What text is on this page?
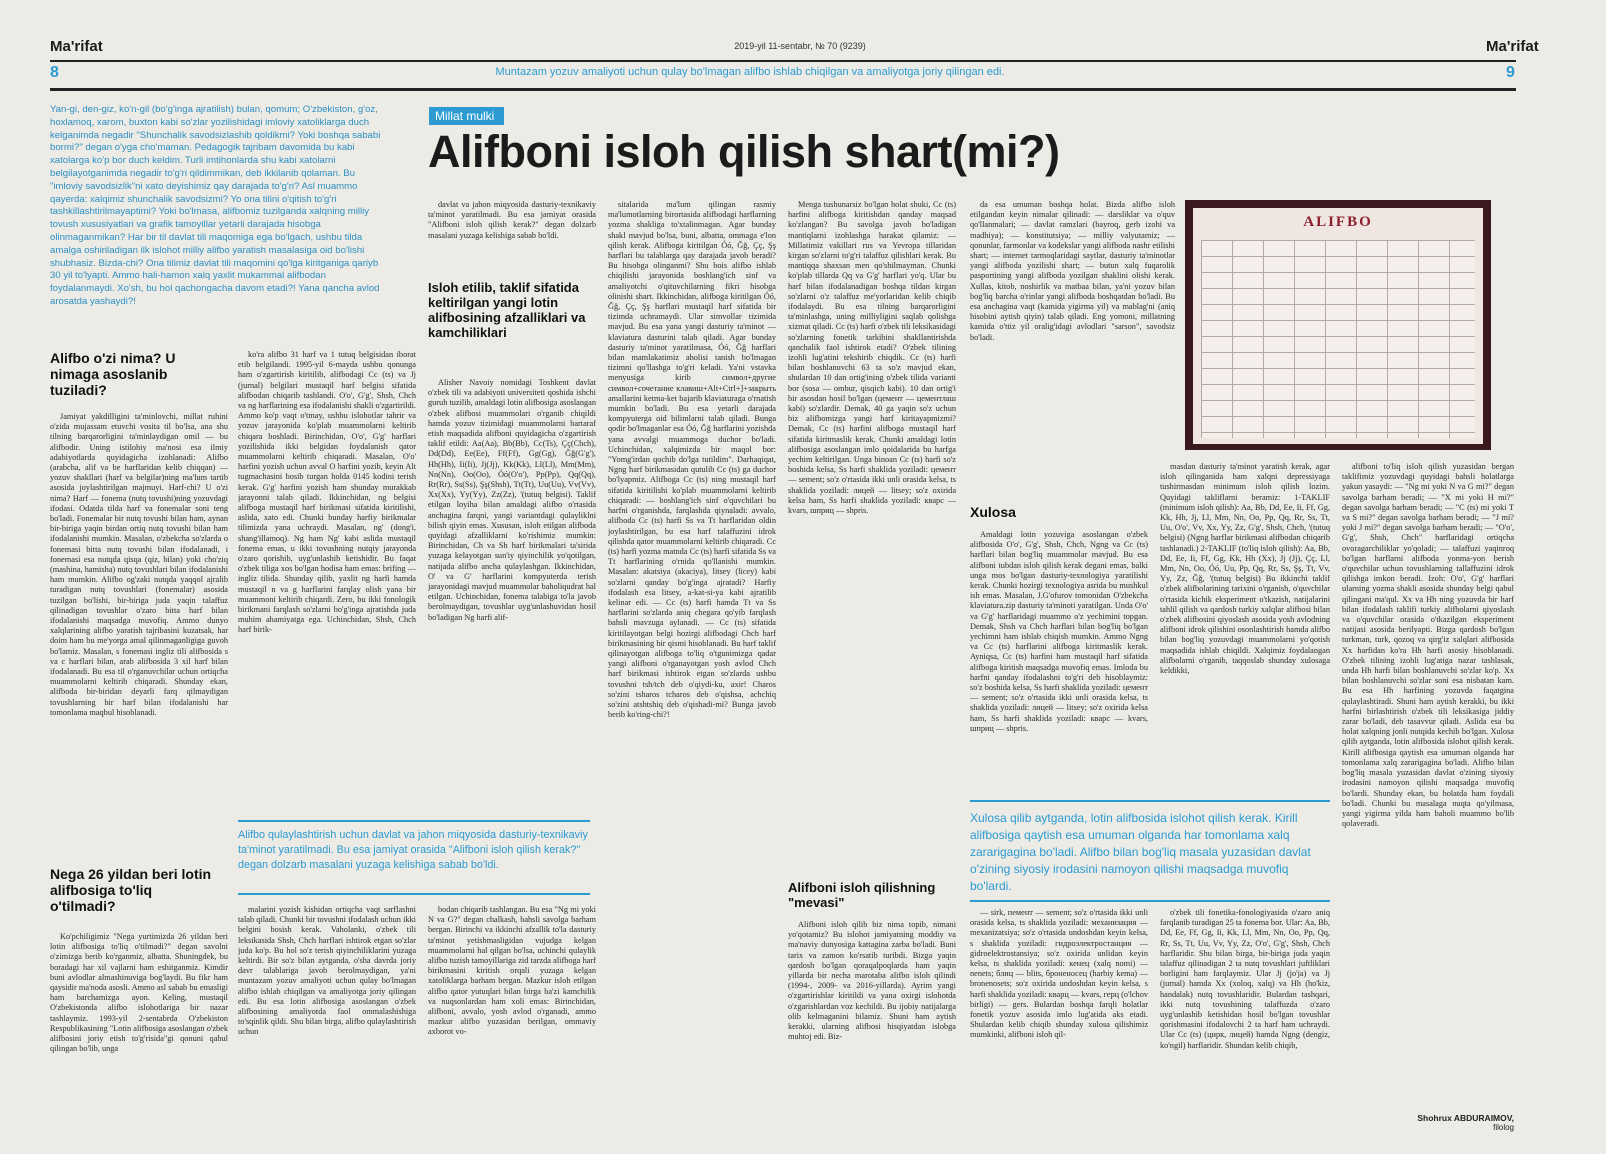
Ma'rifat	Ma'rifat
2019-yil 11-sentabr, № 70 (9239)
8	9
Muntazam yozuv amaliyoti uchun qulay bo'lmagan alifbo ishlab chiqilgan va amaliyotga joriy qilingan edi.
Yan-gi, den-giz, ko'n-gil (bo'g'inga ajratilish) bulan, qomum; O'zbekiston, g'oz, hoxlamoq, xarom, buxton kabi so'zlar yozilishidagi imloviy xatoliklarga duch kelganimda negadir "Shunchalik savodsizlashib qoldikmi? Yoki boshqa sababi bormi?" degan o'yga cho'maman. Pedagogik tajribam davomida bu kabi xatolarga ko'p bor duch keldim. Turli imtihonlarda shu kabi xatolarni belgilayotganimda negadir to'g'ri qildimmikan, deb ikkilanib qolaman. Bu "imloviy savodsizlik"ni xato deyishimiz qay darajada to'g'ri? Asl muammo qayerda: xalqimiz shunchalik savodsizmi? Yo ona tilini o'qitish to'g'ri tashkillashtirilmayaptimi? Yoki bo'lmasa, alifbomiz tuzilganda xalqning milliy tovush xususiyatlari va grafik tamoyillar yetarli darajada hisobga olinmaganmikan? Har bir til davlat tili maqomiga ega bo'lgach, ushbu tilda amalga oshiriladigan ilk islohot milliy alifbo yaratish masalasiga oid bo'lishi shubhasiz. Bizda-chi? Ona tilimiz davlat tili maqomini qo'lga kiritganiga qariyb 30 yil to'lyapti. Ammo hali-hamon xalq yaxlit mukammal alifbodan foydalanmaydi. Xo'sh, bu hol qachongacha davom etadi?! Yana qancha avlod arosatda yashaydi?!
Millat mulki
Alifboni isloh qilish shart(mi?)
Alifbo o'zi nima? U nimaga asoslanib tuziladi?

Jamiyat yakdilligini ta'minlovchi, millat ruhini o'zida mujassam etuvchi vosita til bo'lsa, ana shu tilning barqarorligini ta'minlaydigan omil — bu alifbodir. Uning istilohiy ma'nosi esa ilmiy adabiyotlarda quyidagicha izohlanadi: Alifbo (arabcha, alif va be harflaridan kelib chiqqan) — yozuv shakllari (harf va belgilar)ning ma'lum tartib asosida joylashtirilgan majmuyi. Harf-chi? U o'zi nima? Harf — fonema (nutq tovushi)ning yozuvdagi ifodasi. Odatda tilda harf va fonemalar soni teng bo'ladi. Fonemalar bir nutq tovushi bilan ham, aynan bir-biriga yaqin birdan ortiq nutq tovushi bilan ham ifodalanishi mumkin. Masalan, o'zbekcha so'zlarda o fonemasi bitta nutq tovushi bilan ifodalanadi, i fonemasi esa nutqda qisqa (qiz, bilan) yoki cho'ziq (mashina, hamisha) nutq tovushlari bilan ifodalanishi ham mumkin. Alifbo og'zaki nutqda yaqqol ajralib turadigan nutq tovushlari (fonemalar) asosida tuzilgan bo'lishi, bir-biriga juda yaqin talaffuz qilinadigan tovushlar o'zaro bitta harf bilan ifodalanishi maqsadga muvofiq. Ammo dunyo xalqlarining alifbo yaratish tajribasini kuzatsak, har doim ham bu me'yorga amal qilinmaganligiga guvoh bo'lamiz. Masalan, s fonemasi ingliz tili alifbosida s va c harflari bilan, arab alifbosida 3 xil harf bilan ifodalanadi. Bu esa til o'rganuvchilar uchun ortiqcha muammolarni keltirib chiqaradi. Shunday ekan, alifboda bir-biridan deyarli farq qilmaydigan tovushlarning bir harf bilan ifodalanishi har tomonlama maqbul hisoblanadi.

Nega 26 yildan beri lotin alifbosiga to'liq o'tilmadi?

Ko'pchiligimiz "Nega yurtimizda 26 yildan beri lotin alifbosiga to'liq o'tilmadi?" degan savolni o'zimizga berib ko'rganmiz, albatta. Shuningdek, bu boradagi har xil vajlarni ham eshitganmiz. Kimdir buni avlodlar almashinuviga bog'laydi. Bu fikr ham qaysidir ma'noda asosli. Ammo asl sabab bu emasligi ham barchamizga ayon. Keling, mustaqil O'zbekistonda alifbo islohotlariga bir nazar tashlaymiz. 1993-yil 2-sentabrda O'zbekiston Respublikasining "Lotin alifbosiga asoslangan o'zbek alifbosini joriy etish to'g'risida"gi qonuni qabul qilingan bo'lib, unga

ko'ra alifbo 31 harf va 1 tutuq belgisidan iborat etib belgilandi. 1995-yil 6-mayda ushbu qonunga ham o'zgartirish kiritilib, alifbodagi Cc (ts) va Jj (jurnal) belgilari mustaqil harf belgisi sifatida alifbodan chiqarib tashlandi. O'o', G'g', Shsh, Chch va ng harflarining esa ifodalanishi shakli o'zgartirildi. Ammo ko'p vaqt o'tmay, ushbu islohotlar tahrir va yozuv jarayonida ko'plab muammolarni keltirib chiqara boshladi. Birinchidan, O'o', G'g' harflari yozilishida ikki belgidan foydalanish qator muammolarni keltirib chiqaradi. Masalan, O'o' harfini yozish uchun avval O harfini yozib, keyin Alt tugmachasini bosib turgan holda 0145 kodini terish kerak. G'g' harfini yozish ham shunday murakkab jarayonni talab qiladi. Ikkinchidan, ng belgisi alifboga mustaqil harf birikmasi sifatida kiritilishi, aslida, xato edi. Chunki bunday harfiy birikmalar tilimizda yana uchraydi. Masalan, ng' (dong'i, shang'illamoq). Ng ham Ng' kabi aslida mustaqil fonema emas, u ikki tovushning nutqiy jarayonda o'zaro qorishib, uyg'unlashib ketishidir. Bu faqat o'zbek tiliga xos bo'lgan hodisa ham emas: brifing — ingliz tilida. Shunday qilib, yaxlit ng harfi hamda mustaqil n va g harflarini farqlay olish yana bir muammoni keltirib chiqardi. Zero, bu ikki fonologik birikmani farqlash so'zlarni bo'g'inga ajratishda juda muhim ahamiyatga ega. Uchinchidan, Shsh, Chch harf birik-

Alifbo qulaylashtirish uchun davlat va jahon miqyosida dasturiy-texnikaviy ta'minot yaratilmadi. Bu esa jamiyat orasida "Alifboni isloh qilish kerak?" degan dolzarb masalani yuzaga kelishiga sabab bo'ldi.

malarini yozish kishidan ortiqcha vaqt sarflashni talab qiladi. Chunki bir tovushni ifodalash uchun ikki belgini bosish kerak. Vaholanki, o'zbek tili leksikasida Shsh, Chch harflari ishtirok etgan so'zlar juda ko'p. Bu hol so'z terish qiyinchiliklarini yuzaga keltirdi. Bir so'z bilan aytganda, o'sha davrda joriy davr talablariga javob berolmaydigan, ya'ni muntazam yozuv amaliyoti uchun qulay bo'lmagan alifbo ishlab chiqilgan va amaliyotga joriy qilingan edi. Bu esa lotin alifbosiga asoslangan o'zbek alifbosining amaliyotda faol ommalashishiga to'sqinlik qildi. Shu bilan birga, alifbo qulaylashtirish uchun

davlat va jahon miqyosida dasturiy-texnikaviy ta'minot yaratilmadi. Bu esa jamiyat orasida "Alifboni isloh qilish kerak?" degan dolzarb masalani yuzaga kelishiga sabab bo'ldi.

Isloh etilib, taklif sifatida keltirilgan yangi lotin alifbosining afzalliklari va kamchiliklari

Alisher Navoiy nomidagi Toshkent davlat o'zbek tili va adabiyoti universiteti qoshida ishchi guruh tuzilib, amaldagi lotin alifbosiga asoslangan o'zbek alifbosi muammolari o'rganib chiqildi hamda yozuv tizimidagi muammolarni bartaraf etish maqsadida alifboni quyidagicha o'zgartirish taklif etildi: Aa(Aa), Bb(Bb), Cc(Ts), Çç(Chch), Dd(Dd), Ee(Ee), Ff(Ff), Gg(Gg), Ğğ(G'g'), Hh(Hh), Ii(Ii), Jj(Jj), Kk(Kk), Ll(Ll), Mm(Mm), Nn(Nn), Oo(Oo), Óó(O'o'), Pp(Pp), Qq(Qq), Rr(Rr), Ss(Ss), Şş(Shsh), Tt(Tt), Uu(Uu), Vv(Vv), Xx(Xx), Yy(Yy), Zz(Zz), '(tutuq belgisi). Taklif etilgan loyiha bilan amaldagi alifbo o'rtasida anchagina farqni, yangi variantdagi qulayliklni bilish qiyin emas. Xususan, islоh etilgan alifboda quyidagi afzalliklarni ko'rishimiz mumkin: Birinchidan, Ch va Sh harf birikmalari ta'sirida yuzaga kelayotgan sun'iy qiyinchilik yo'qotilgan, natijada alifbo ancha qulaylashgan. Ikkinchidan, O' va G' harflarini kompyuterda terish jarayonidagi mavjud muammolar baholiqudrat hal etilgan. Uchinchidan, fonema talabiga to'la javob berolmaydigan, tovushlar uyg'unlashuvidan hosil bo'ladigan Ng harfi alif-

bodan chiqarib tashlangan. Bu esa "Ng mi yoki N va G?" degan chalkash, bahsli savolga barham bergan. Birinchi va ikkinchi afzallik to'la dasturiy ta'minot yetishmasligidan vujudga kelgan muammolarni hal qilgan bo'lsa, uchinchi qulaylik alifbo tuzish tamoyillariga zid tarzda alifboga harf birikmasini kiritish orqali yuzaga kelgan xatoliklarga barham bergan. Mazkur islоh etilgan alifbo qator yutuqlari bilan birga ba'zi kamchilik va nuqsonlardan ham xoli emas: Birinchidan, alifboni, avvalo, yosh avlod o'rganadi, ammo mazkur alifbo yuzasidan berilgan, ommaviy axborot vo-

sitalarida ma'lum qilingan rasmiy ma'lumotlarning birortasida alifbodagi harflarning yozma shakliga to'xtalinmagan. Agar bunday shakl mavjud bo'lsa, buni, albatta, ommaga e'lon qilish kerak. Alifboga kiritilgan Óó, Ğğ, Çç, Şş harflari bu talablarga qay darajada javob beradi? Bu hisobga olinganmi? Shu bois alifbo ishlab chiqilishi jarayonida boshlang'ich sinf va amaliyotchi o'qituvchilarning fikri hisobga olinishi shart. Ikkinchidan, alifboga kiritilgan Óó, Ğğ, Çç, Şş harflari mustaqil harf sifatida bir tizimda uchramaydi. Ular simvollar tizimida mavjud. Bu esa yana yangi dasturiy ta'minot — klaviatura dasturini talab qiladi. Agar bunday dasturiy ta'minot yaratilmasa, Óó, Ğğ harflari bilan mamlakatimiz aholisi tanish bo'lmagan tizimni qo'llashga to'g'ri keladi. Ya'ni vstavka menyusiga kirib символ+другие символ+сочетание клавиш+Alt+Ctrl+]+закрыть amallarini ketma-ket bajarib klaviaturaga o'rnatish mumkin bo'ladi. Bu esa yetarli darajada kompyuterga oid bilimlarni talab qiladi. Bunga qodir bo'lmaganlar esa Óó, Ğğ harflarini yozishda yana avvalgi muammoga duchor bo'ladi. Uchinchidan, xalqimizda bir maqol bor: "Yomg'irdan qochib do'lga tutildim". Darhaqiqat, Ngng harf birikmasidan qutulib Cc (ts) ga duchor bo'lyapmiz. Alifboga Cc (ts) ning mustaqil harf sifatida kiritilishi ko'plab muammolarni keltirib chiqaradi: — boshlang'ich sinf o'quvchilari bu harfni o'rganishda, farqlashda qiynaladi: avvalo, alifboda Cc (ts) harfi Ss va Tt harflaridan oldin joylashtirilgan, bu esa harf talaffuzini idrok qilishda qator muammolarni keltirib chiqaradi. Cc (ts) harfi yozma matnda Cc (ts) harfi sifatida Ss va Tt harflarining o'rnida qo'llanishi mumkin. Masalan: akatsiya (akaciya), litsey (licey) kabi so'zlarni qanday bo'g'inga ajratadi? Harfiy ifodalash esa litsey, a-kat-si-ya kabi ajratilib kelinar edi. — Cc (ts) harfi hamda Tt va Ss harflarini so'zlarda aniq chegara qo'yib farqlash bahsli mavzuga aylanadi. — Cc (ts) sifatida kiritilayotgan belgi hozirgi alifbodagi Chch harf birikmasining bir qismi hisoblanadi. Bu harf taklif qilinayotgan alifboga to'liq o'tgunimizga qadar yangi alifboni o'rganayotgan yosh avlod Chch harf birikmasi ishtirok etgan so'zlarda ushbu tovushni tsh/tch deb o'qiydi-ku, axir! Charos so'zini tsharos tcharos deb o'qishsa, achchiq so'zini atshtshiq deb o'qishadi-mi? Bunga javob berib ko'ring-chi?!

Menga tushunarsiz bo'lgan holat shuki, Cc (ts) harfini alifboga kiritishdan qanday maqsad ko'zlangan? Bu savolga javob bo'ladigan mantiqlarni izohlashga harakat qilamiz: — Millatimiz vakillari rus va Yevropa tillaridan kirgan so'zlarni to'g'ri talaffuz qilishlari kerak. Bu mantiqqa shaxsan men qo'shilmayman. Chunki ko'plab tillarda Qq va G'g' harflari yo'q. Ular bu harf bilan ifodalanadigan boshqa tildan kirgan so'zlarni o'z talaffuz me'yorlaridan kelib chiqib ifodalaydi. Bu esa tilning barqarorligini ta'minlashga, uning milliyligini saqlab qolishga xizmat qiladi. Cc (ts) harfi o'zbek tili leksikasidagi so'zlarning fonetik tarkibini shakllantirishda qanchalik faol ishtirok etadi? O'zbek tilining izohli lug'atini tekshirib chiqdik. Cc (ts) harfi bilan boshlanuvchi 63 ta so'z mavjud ekan, shulardan 10 dan ortig'ining o'zbek tilida varianti bor (sosa — ombur, qisqich kabi). 10 dan ortig'i bir asosdan hosil bo'lgan (цемент — цементлаш kabi) so'zlardir. Demak, 40 ga yaqin so'z uchun biz alifbomizga yangi harf kiritayapmizmi? Demak, Cc (ts) harfini alifboga mustaqil harf sifatida kiritmaslik kerak. Chunki amaldagi lotin alifbosiga asoslangan imlo qoidalarida bu harfga yechim keltirilgan. Unga binoan Cc (ts) harfi so'z boshida kelsa, Ss harfi shaklida yoziladi: цемент — sement; so'z o'rtasida ikki unli orasida kelsa, ts shaklida yoziladi: лицей — litsey; so'z oxirida kelsa ham, Ss harfi shaklida yoziladi: кварс — kvars, шприц — shpris.

Alifboni isloh qilishning "mevasi"

Alifboni isloh qilib biz nima topib, nimani yo'qotamiz? Bu islohot jamiyatning moddiy va ma'naviy dunyosiga kattagina zarba bo'ladi. Buni tarix va zamon ko'rsatib turibdi. Bizga yaqin qardosh bo'lgan qoraqalpoqlarda ham yaqin yillarda bir necha marotaba alifbo islоh qilindi (1994-, 2009- va 2016-yillarda). Ayrim yangi o'zgartirishlar kiritildi va yana oxirgi islohotda o'zgarishlardan voz kechildi. Bu ijobiy natijalarga olib kelmaganini bilamiz. Shuni ham aytish kerakki, ularning alifbosi hisqiyatdan islobga muhtoj edi. Biz-

da esa umuman boshqa holat. Bizda alifbo islоh etilgandan keyin nimalar qilinadi: — darsliklar va o'quv qo'llanmalari; — davlat ramzlari (bayroq, gerb izohi va madhiya); — konstitutsiya; — milliy valyutamiz; — qonunlar, farmonlar va kodekslar yangi alifboda nashr etilishi shart; — internet tarmoqlaridagi saytlar, dasturiy ta'minotlar yangi alifboda yozilishi shart; — butun xalq fuqarolik pasportining yangi alifboda yozilgan shaklini olishi kerak. Xullas, kitob, noshirlik va matbaa bilan, ya'ni yozuv bilan bog'liq barcha o'rinlar yangi alifboda boshqatdan bo'ladi. Bu esa anchagina vaqt (kamida yigirma yil) va mablag'ni (aniq hisobini aytish qiyin) talab qiladi. Eng yomoni, millatning kamida o'ttiz yil oralig'idagi avlodlari "sarson", savodsiz bo'ladi.

Xulosa

Amaldagi lotin yozuviga asoslangan o'zbek alifbosida O'o', G'g', Shsh, Chch, Ngng va Cc (ts) harflari bilan bog'liq muammolar mavjud. Bu esa alifboni tubdan islоh qilish kerak degani emas, balki unga mos bo'lgan dasturiy-texnologiya yaratilishi kerak. Chunki hozirgi texnologiya asrida bu mushkul ish emas. Masalan, J.G'ofurov tomonidan O'zbekcha klaviatura.zip dasturiy ta'minoti yaratilgan. Unda O'o' va G'g' harflaridagi muammo o'z yechimini topgan. Demak, Shsh va Chch harflari bilan bog'liq bo'lgan yechimni ham ishlab chiqish mumkin. Ammo Ngng va Cc (ts) harflarini alifboga kiritmaslik kerak. Ayniqsa, Cc (ts) harfini ham mustaqil harf sifatida alifboga kiritish maqsadga muvofiq emas. Imloda bu harfni qanday ifodalashni to'g'ri deb hisoblaymiz: so'z boshida kelsa, Ss harfi shaklida yoziladi: цемент — sement; so'z o'rtasida ikki unli orasida kelsa, ts shaklida yoziladi: лицей — litsey; so'z oxirida kelsa ham, Ss harfi shaklida yoziladi: кварс — kvars, шприц — shpris.

Xulosa qilib aytganda, lotin alifbosida islohot qilish kerak. Kirill alifbosiga qaytish esa umuman olganda har tomonlama xalq zararigagina bo'ladi. Alifbo bilan bog'liq masala yuzasidan davlat o'zining siyosiy irodasini namoyon qilishi maqsadga muvofiq bo'lardi.

— sirk, пемент — sement; so'z o'rtasida ikki unli orasida kelsa, ts shaklida yoziladi: механизация — mexanizatsiya; so'z o'rtasida undoshdan keyin kelsa, s shaklida yoziladi: гидроэлектростанция — gidroelektrostansiya; so'z oxirida unlidan keyin kelsa, ts shaklida yoziladi: кенец (xalq nomi) — nenets; блиц — blits, броненосец (harbiy kema) — bronenosets; so'z oxirida undoshdan keyin kelsa, s harfi shaklida yoziladi: кварц — kvars, герц (o'lchov birligi) — gers. Bulardan boshqa farqli holatlar fonetik yozuv asosida imlo lug'atida aks etadi. Shulardan kelib chiqib shunday xulosa qilishimiz mumkinki, alifboni islоh qil-

ALIFBO

masdan dasturiy ta'minot yaratish kerak, agar islоh qilinganida ham xalqni depressiyaga tushirmasdan minimum islоh qilish lozim. Quyidagi takliflarni beramiz: 1-TAKLIF (minimum islоh qilish): Aa, Bb, Dd, Ee, Ii, Ff, Gg, Kk, Hh, Jj, Ll, Mm, Nn, Oo, Pp, Qq, Rr, Ss, Tt, Uu, O'o', Vv, Xx, Yy, Zz, G'g', Shsh, Chch, '(tutuq belgisi) (Ngng harflar birikmasi alifbodan chiqarib tashlanadi.) 2-TAKLIF (to'liq islоh qilish): Aa, Bb, Dd, Ee, Ii, Ff, Gg, Kk, Hh (Xx), Jj (Jj), Çç, Ll, Mm, Nn, Oo, Óó, Uu, Pp, Qq, Rr, Ss, Şş, Tt, Vv, Yy, Zz, Ğğ, '(tutuq belgisi) Bu ikkinchi taklif o'zbek alifbolarining tarixini o'rganish, o'quvchilar o'rtasida kichik eksperiment o'tkazish, natijalarini tahlil qilish va qardosh turkiy xalqlar alifbosi bilan o'zbek alifbosini qiyoslash asosida yosh avlodning alifboni idrok qilishini osonlashtirish hamda alifbo bilan bog'liq yozuvdagi muammolarni yo'qotish maqsadida ishlab chiqildi. Xalqimiz foydalangan alifbolarni o'rganib, taqqoslab shunday xulosaga keldikki,

o'zbek tili fonetika-fonologiyasida o'zaro aniq farqlanib turadigan 25 ta fonema bor. Ular: Aa, Bb, Dd, Ee, Ff, Gg, Ii, Kk, Ll, Mm, Nn, Oo, Pp, Qq, Rr, Ss, Tt, Uu, Vv, Yy, Zz, O'o', G'g', Shsh, Chch harflaridir. Shu bilan birga, bir-biriga juda yaqin talaffuz qilinadigan 2 ta nutq tovushlari juftliklari borligini ham farqlaymiz. Ular Jj (jo'ja) va Jj (jurnal) hamda Xx (xoloq, xalq) va Hh (ho'kiz, handalak) nutq tovushlaridir. Bulardan tashqari, ikki nutq tovushining talaffuzda o'zaro uyg'unlashib ketishidan hosil bo'lgan tovushlar qorishmasini ifodalovchi 2 ta harf ham uchraydi. Ular Cc (ts) (цирк, лицей) hamda Ngng (dengiz, ko'ngil) harflaridir. Shundan kelib chiqib,

alifboni to'liq islоh qilish yuzasidan bergan taklifimiz yozuvdagi quyidagi bahsli holatlarga yakun yasaydi: — "Ng mi yoki N va G mi?" degan savolga barham beradi; — "X mi yoki H mi?" degan savolga barham beradi; — "C (ts) mi yoki T va S mi?" degan savolga barham beradi; — "J mi? yoki J mi?" degan savolga barham beradi; — "O'o', G'g', Shsh, Chch" harflaridagi ortiqcha ovoragarchiliklar yo'qoladi; — talaffuzi yaqinroq bo'lgan harflarni alifboda yonma-yon berish o'quvchilar uchun tovushlarning tallaffuzini idrok qilishga imkon beradi. Izoh: O'o', G'g' harflari ularning yozma shakli asosida shunday belgi qabul qilingani ma'qul. Xx va Hh ning yozuvda bir harf bilan ifodalash taklifi turkiy alifbolarni qiyoslash va o'quvchilar orasida o'tkazilgan eksperiment natijasi asosida berilyapti. Bizga qardosh bo'lgan turkman, turk, qozoq va qirg'iz xalqlari alifbosida Xx harfidan ko'ra Hh harfi asosiy hisoblanadi. O'zbek tilining izohli lug'atiga nazar tashlasak, unda Hh harfi bilan boshlanuvchi so'zlar ko'p. Xx bilan boshlanuvchi so'zlar soni esa nisbatan kam. Bu esa Hh harfining yozuvda faqatgina qulaylashtiradi. Shuni ham aytish kerakki, bu ikki harfni birlashtirish o'zbek tili leksikasiga jiddiy zarar bo'ladi, deb tasavvur qiladi. Aslida esa bu holat xalqning jonli nutqida kechib bo'lgan. Xulosa qilib aytganda, lotin alifbosida islоhot qilish kerak. Kirill alifbosiga qaytish esa umuman olganda har tomonlama xalq zararigagina bo'ladi. Alifbo bilan bog'liq masala yuzasidan davlat o'zining siyosiy irodasini namoyon qilishi maqsadga muvofiq bo'lardi. Shunday ekan, bu holatda ham foydali bo'ladi. Chunki bu masalaga nuqta qo'yilmasa, yangi yigirma yilda ham baholi muammo bo'lib qolaveradi.

Shohrux ABDURAIMOV,
filolog
